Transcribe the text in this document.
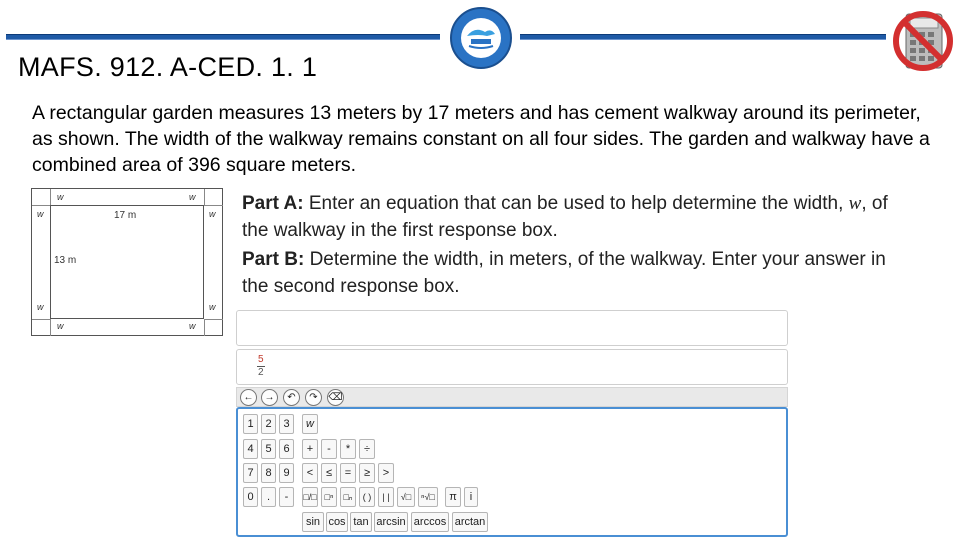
MAFS. 912. A-CED. 1. 1
A rectangular garden measures 13 meters by 17 meters and has cement walkway around its perimeter, as shown. The width of the walkway remains constant on all four sides. The garden and walkway have a combined area of 396 square meters.
w	w
w	w
w	w
w	w
17 m
13 m

Part A: Enter an equation that can be used to help determine the width, w, of the walkway in the first response box.

Part B: Determine the width, in meters, of the walkway. Enter your answer in the second response box.

$\frac{5}{2}$
←	→	↶	↷	⌫
1	2	3	w
4	5	6	+	-	*	÷
7	8	9	<	≤	=	≥	>
0	.	-	□/□ □ⁿ	□ₙ	( )	| |	√□	ⁿ√□	π	i
sin cos tan arcsin arccos arctan
